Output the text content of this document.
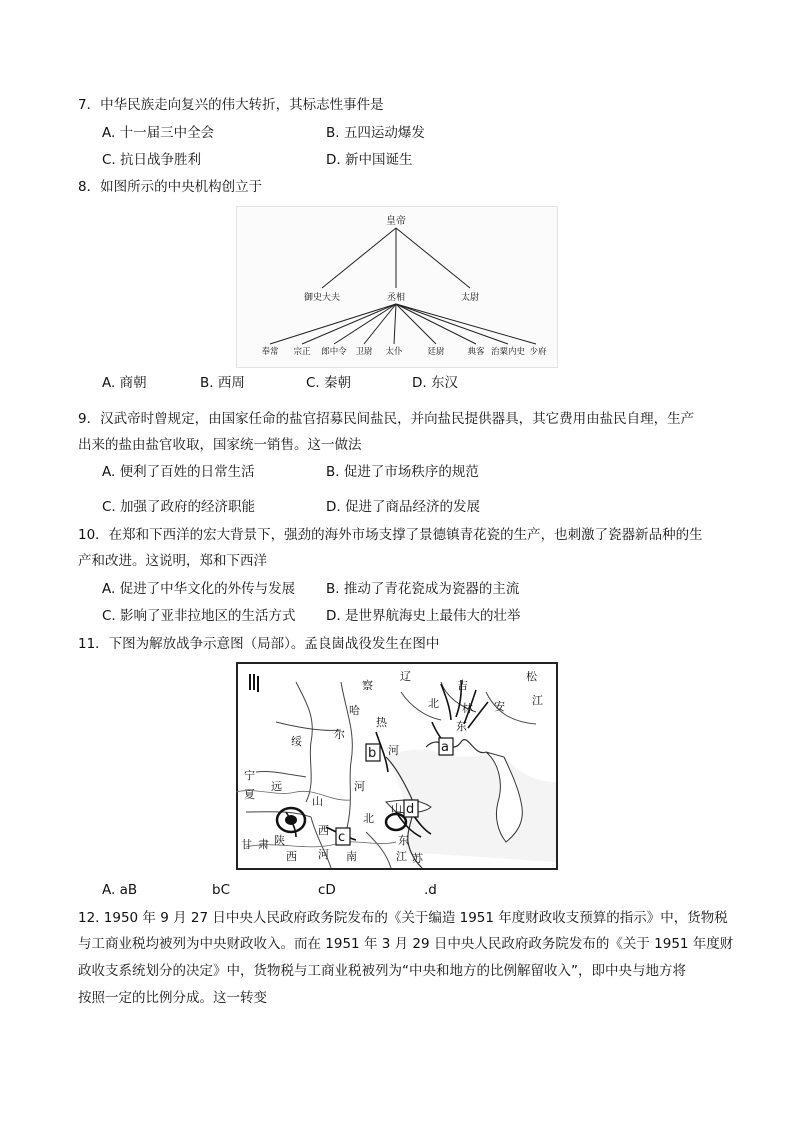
7．中华民族走向复兴的伟大转折，其标志性事件是
A. 十一届三中全会	B. 五四运动爆发
C. 抗日战争胜利	D. 新中国诞生
8．如图所示的中央机构创立于
皇帝
御史大夫	丞相	太尉
奉常 宗正 郎中令 卫尉 太仆	廷尉	典客 治粟内史 少府
A. 商朝	B. 西周	C. 秦朝	D. 东汉
9．汉武帝时曾规定，由国家任命的盐官招募民间盐民，并向盐民提供器具，其它费用由盐民自理，生产
出来的盐由盐官收取，国家统一销售。这一做法
A. 便利了百姓的日常生活	B. 促进了市场秩序的规范
C. 加强了政府的经济职能	D. 促进了商品经济的发展
10．在郑和下西洋的宏大背景下，强劲的海外市场支撑了景德镇青花瓷的生产，也刺激了瓷器新品种的生
产和改进。这说明，郑和下西洋
A. 促进了中华文化的外传与发展 B. 推动了青花瓷成为瓷器的主流
C. 影响了亚非拉地区的生活方式 D. 是世界航海史上最伟大的壮举
11．下图为解放战争示意图（局部）。孟良崮战役发生在图中
察
哈
尔
绥
远
宁
夏
甘 肃 陕
西
山
西
河
北
热
河
辽
北
吉
林 安
东
松
江
河 南
山
东
江 苏
a
b
c
d
A. aB	bC	cD	.d
12. 1950 年 9 月 27 日中央人民政府政务院发布的《关于编造 1951 年度财政收支预算的指示》中，货物税
与工商业税均被列为中央财政收入。而在 1951 年 3 月 29 日中央人民政府政务院发布的《关于 1951 年度财
政收支系统划分的决定》中，货物税与工商业税被列为“中央和地方的比例解留收入”，即中央与地方将
按照一定的比例分成。这一转变
